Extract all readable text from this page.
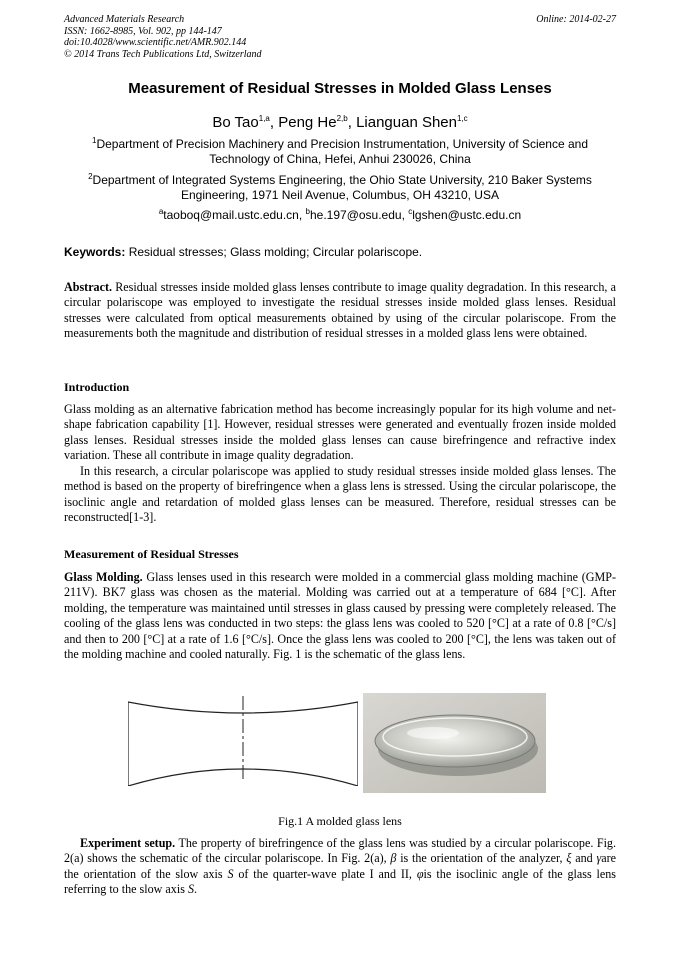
Advanced Materials Research
ISSN: 1662-8985, Vol. 902, pp 144-147
doi:10.4028/www.scientific.net/AMR.902.144
© 2014 Trans Tech Publications Ltd, Switzerland
Online: 2014-02-27
Measurement of Residual Stresses in Molded Glass Lenses
Bo Tao$^{1,a}$, Peng He$^{2,b}$, Lianguan Shen$^{1,c}$
$^1$Department of Precision Machinery and Precision Instrumentation, University of Science and Technology of China, Hefei, Anhui 230026, China
$^2$Department of Integrated Systems Engineering, the Ohio State University, 210 Baker Systems Engineering, 1971 Neil Avenue, Columbus, OH 43210, USA
$^a$taoboq@mail.ustc.edu.cn, $^b$he.197@osu.edu, $^c$lgshen@ustc.edu.cn
Keywords: Residual stresses; Glass molding; Circular polariscope.
Abstract. Residual stresses inside molded glass lenses contribute to image quality degradation. In this research, a circular polariscope was employed to investigate the residual stresses inside molded glass lenses. Residual stresses were calculated from optical measurements obtained by using of the circular polariscope. From the measurements both the magnitude and distribution of residual stresses in a molded glass lens were obtained.
Introduction
Glass molding as an alternative fabrication method has become increasingly popular for its high volume and net-shape fabrication capability [1]. However, residual stresses were generated and eventually frozen inside molded glass lenses. Residual stresses inside the molded glass lenses can cause birefringence and refractive index variation. These all contribute in image quality degradation.
In this research, a circular polariscope was applied to study residual stresses inside molded glass lenses. The method is based on the property of birefringence when a glass lens is stressed. Using the circular polariscope, the isoclinic angle and retardation of molded glass lenses can be measured. Therefore, residual stresses can be reconstructed[1-3].
Measurement of Residual Stresses
Glass Molding. Glass lenses used in this research were molded in a commercial glass molding machine (GMP-211V). BK7 glass was chosen as the material. Molding was carried out at a temperature of 684 [°C]. After molding, the temperature was maintained until stresses in glass caused by pressing were completely released. The cooling of the glass lens was conducted in two steps: the glass lens was cooled to 520 [°C] at a rate of 0.8 [°C/s] and then to 200 [°C] at a rate of 1.6 [°C/s]. Once the glass lens was cooled to 200 [°C], the lens was taken out of the molding machine and cooled naturally. Fig. 1 is the schematic of the glass lens.
Fig.1 A molded glass lens
Experiment setup. The property of birefringence of the glass lens was studied by a circular polariscope. Fig. 2(a) shows the schematic of the circular polariscope. In Fig. 2(a), β is the orientation of the analyzer, ξ and γare the orientation of the slow axis S of the quarter-wave plate I and II, φis the isoclinic angle of the glass lens referring to the slow axis S.
